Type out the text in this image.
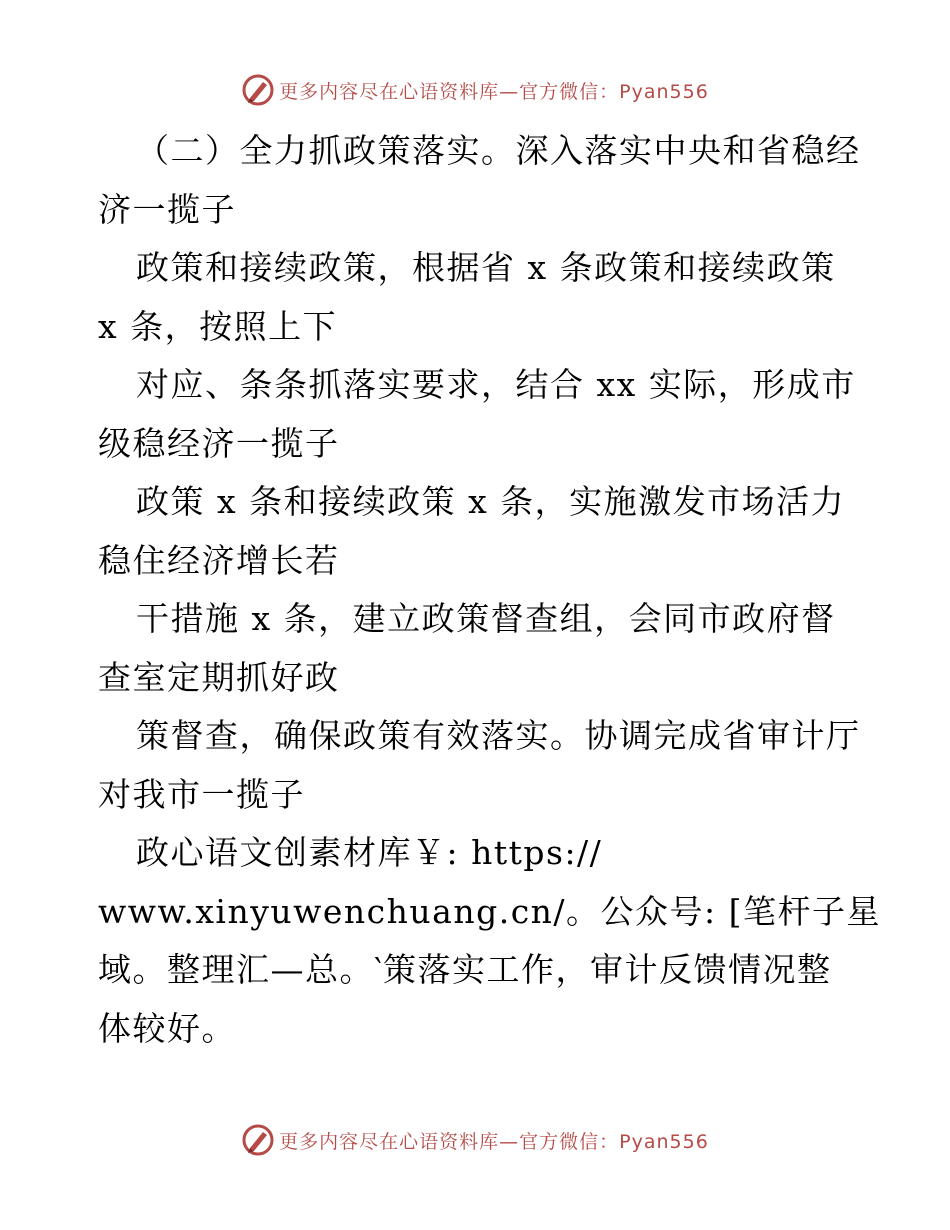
更多内容尽在心语资料库—官方微信：Pyan556
（二）全力抓政策落实。深入落实中央和省稳经
济一揽子
政策和接续政策，根据省 x 条政策和接续政策
x 条，按照上下
对应、条条抓落实要求，结合 xx 实际，形成市
级稳经济一揽子
政策 x 条和接续政策 x 条，实施激发市场活力
稳住经济增长若
干措施 x 条，建立政策督查组，会同市政府督
查室定期抓好政
策督查，确保政策有效落实。协调完成省审计厅
对我市一揽子
政心语文创素材库￥: https://
www.xinyuwenchuang.cn/。公众号: [笔杆子星
域。整理汇—总。‵策落实工作，审计反馈情况整
体较好。
更多内容尽在心语资料库—官方微信：Pyan556
